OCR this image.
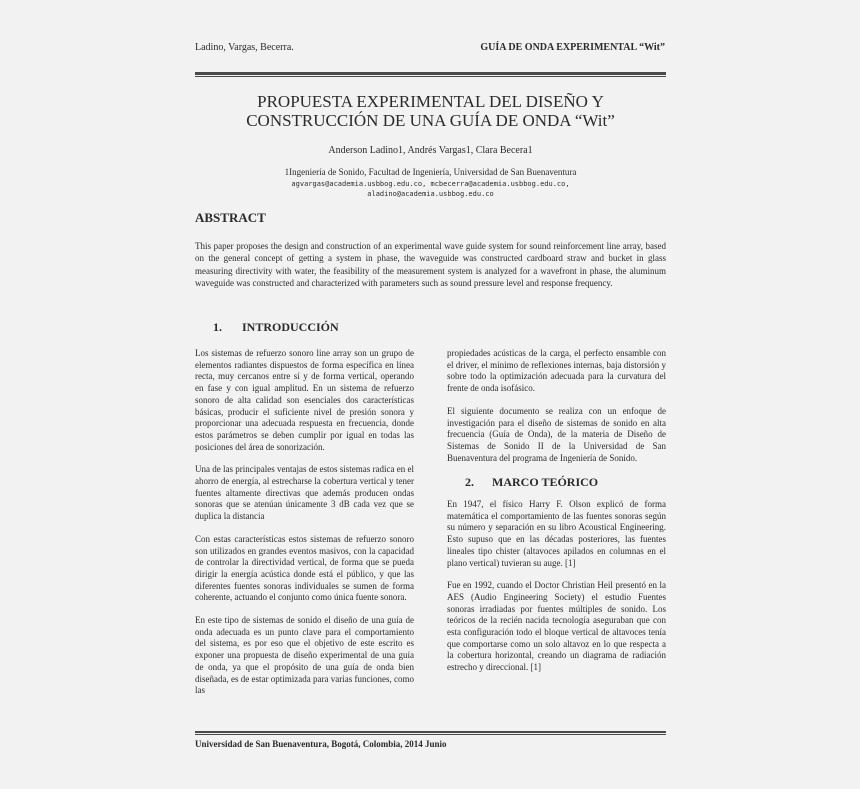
Ladino, Vargas, Becerra.	GUÍA DE ONDA EXPERIMENTAL “Wit”
PROPUESTA EXPERIMENTAL DEL DISEÑO Y
CONSTRUCCIÓN DE UNA GUÍA DE ONDA “Wit”
Anderson Ladino1, Andrés Vargas1, Clara Becera1
1Ingeniería de Sonido, Facultad de Ingeniería, Universidad de San Buenaventura
agvargas@academia.usbbog.edu.co, mcbecerra@academia.usbbog.edu.co,
aladino@academia.usbbog.edu.co
ABSTRACT
This paper proposes the design and construction of an experimental wave guide system for sound reinforcement line array, based on the general concept of getting a system in phase, the waveguide was constructed cardboard straw and bucket in glass measuring directivity with water, the feasibility of the measurement system is analyzed for a wavefront in phase, the aluminum waveguide was constructed and characterized with parameters such as sound pressure level and response frequency.
1. INTRODUCCIÓN

Los sistemas de refuerzo sonoro line array son un grupo de elementos radiantes dispuestos de forma específica en línea recta, muy cercanos entre sí y de forma vertical, operando en fase y con igual amplitud. En un sistema de refuerzo sonoro de alta calidad son esenciales dos características básicas, producir el suficiente nivel de presión sonora y proporcionar una adecuada respuesta en frecuencia, donde estos parámetros se deben cumplir por igual en todas las posiciones del área de sonorización.

Una de las principales ventajas de estos sistemas radica en el ahorro de energía, al estrecharse la cobertura vertical y tener fuentes altamente directivas que además producen ondas sonoras que se atenúan únicamente 3 dB cada vez que se duplica la distancia

Con estas características estos sistemas de refuerzo sonoro son utilizados en grandes eventos masivos, con la capacidad de controlar la directividad vertical, de forma que se pueda dirigir la energía acústica donde está el público, y que las diferentes fuentes sonoras individuales se sumen de forma coherente, actuando el conjunto como única fuente sonora.

En este tipo de sistemas de sonido el diseño de una guía de onda adecuada es un punto clave para el comportamiento del sistema, es por eso que el objetivo de este escrito es exponer una propuesta de diseño experimental de una guía de onda, ya que el propósito de una guía de onda bien diseñada, es de estar optimizada para varias funciones, como las

propiedades acústicas de la carga, el perfecto ensamble con el driver, el mínimo de reflexiones internas, baja distorsión y sobre todo la optimización adecuada para la curvatura del frente de onda isofásico.

El siguiente documento se realiza con un enfoque de investigación para el diseño de sistemas de sonido en alta frecuencia (Guía de Onda), de la materia de Diseño de Sistemas de Sonido II de la Universidad de San Buenaventura del programa de Ingeniería de Sonido.

2. MARCO TEÓRICO

En 1947, el físico Harry F. Olson explicó de forma matemática el comportamiento de las fuentes sonoras según su número y separación en su libro Acoustical Engineering. Esto supuso que en las décadas posteriores, las fuentes lineales tipo chister (altavoces apilados en columnas en el plano vertical) tuvieran su auge. [1]

Fue en 1992, cuando el Doctor Christian Heil presentó en la AES (Audio Engineering Society) el estudio Fuentes sonoras irradiadas por fuentes múltiples de sonido. Los teóricos de la recién nacida tecnología aseguraban que con esta configuración todo el bloque vertical de altavoces tenía que comportarse como un solo altavoz en lo que respecta a la cobertura horizontal, creando un diagrama de radiación estrecho y direccional. [1]

Universidad de San Buenaventura, Bogotá, Colombia, 2014 Junio
